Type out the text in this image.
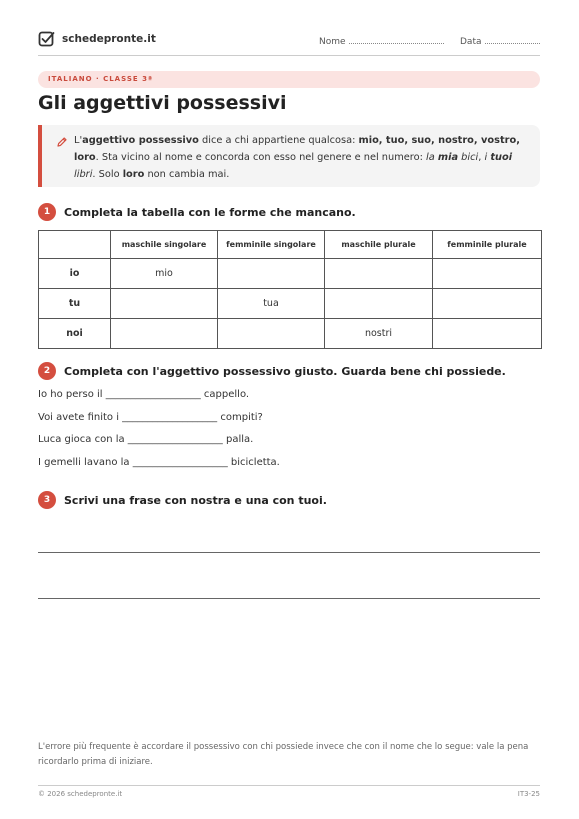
schedepronte.it	Nome	Data
ITALIANO · CLASSE 3ª
Gli aggettivi possessivi
L'aggettivo possessivo dice a chi appartiene qualcosa: mio, tuo, suo, nostro, vostro, loro. Sta vicino al nome e concorda con esso nel genere e nel numero: la mia bici, i tuoi libri. Solo loro non cambia mai.
1	Completa la tabella con le forme che mancano.
	maschile singolare	femminile singolare	maschile plurale	femminile plurale
io	mio			
tu		tua		
noi			nostri	
2	Completa con l'aggettivo possessivo giusto. Guarda bene chi possiede.
Io ho perso il ___________________ cappello.
Voi avete finito i ___________________ compiti?
Luca gioca con la ___________________ palla.
I gemelli lavano la ___________________ bicicletta.
3	Scrivi una frase con nostra e una con tuoi.
L'errore più frequente è accordare il possessivo con chi possiede invece che con il nome che lo segue: vale la pena ricordarlo prima di iniziare.
© 2026 schedepronte.it	IT3-25
